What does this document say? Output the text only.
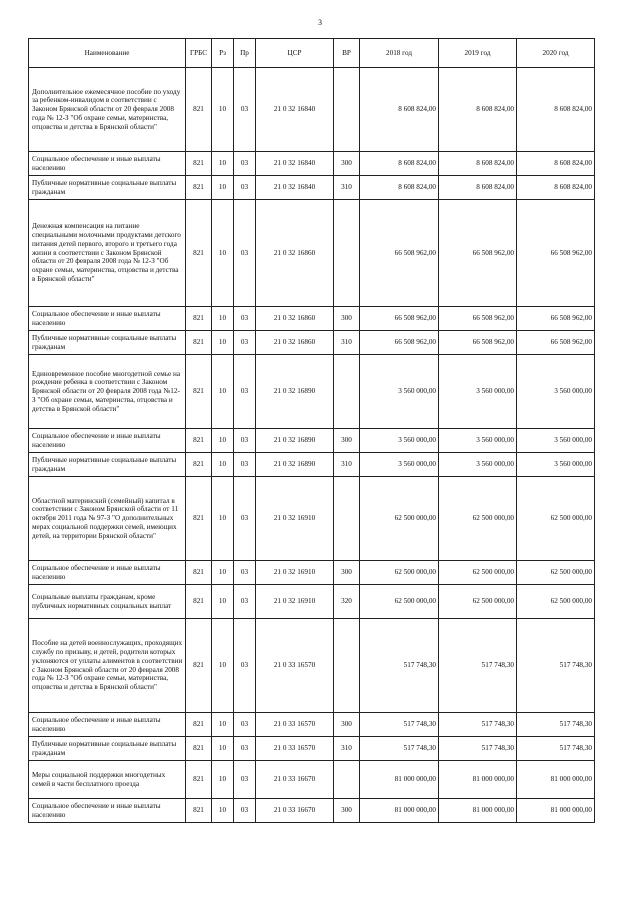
3
Наименование	ГРБС	Рз	Пр	ЦСР	ВР	2018 год	2019 год	2020 год
Дополнительное ежемесячное пособие по уходу за ребенком-инвалидом в соответствии с Законом Брянской области от 20 февраля 2008 года № 12-З "Об охране семьи, материнства, отцовства и детства в Брянской области"	821	10	03	21 0 32 16840		8 608 824,00	8 608 824,00	8 608 824,00
Социальное обеспечение и иные выплаты населению	821	10	03	21 0 32 16840	300	8 608 824,00	8 608 824,00	8 608 824,00
Публичные нормативные социальные выплаты гражданам	821	10	03	21 0 32 16840	310	8 608 824,00	8 608 824,00	8 608 824,00
Денежная компенсация на питание специальными молочными продуктами детского питания детей первого, второго и третьего года жизни в соответствии с Законом Брянской области от 20 февраля 2008 года № 12-З "Об охране семьи, материнства, отцовства и детства в Брянской области"	821	10	03	21 0 32 16860		66 508 962,00	66 508 962,00	66 508 962,00
Социальное обеспечение и иные выплаты населению	821	10	03	21 0 32 16860	300	66 508 962,00	66 508 962,00	66 508 962,00
Публичные нормативные социальные выплаты гражданам	821	10	03	21 0 32 16860	310	66 508 962,00	66 508 962,00	66 508 962,00
Единовременное пособие многодетной семье на рождение ребенка в соответствии с Законом Брянской области от 20 февраля 2008 года №12-З "Об охране семьи, материнства, отцовства и детства в Брянской области"	821	10	03	21 0 32 16890		3 560 000,00	3 560 000,00	3 560 000,00
Социальное обеспечение и иные выплаты населению	821	10	03	21 0 32 16890	300	3 560 000,00	3 560 000,00	3 560 000,00
Публичные нормативные социальные выплаты гражданам	821	10	03	21 0 32 16890	310	3 560 000,00	3 560 000,00	3 560 000,00
Областной материнский (семейный) капитал в соответствии с Законом Брянской области от 11 октября 2011 года № 97-З "О дополнительных мерах социальной поддержки семей, имеющих детей, на территории Брянской области"	821	10	03	21 0 32 16910		62 500 000,00	62 500 000,00	62 500 000,00
Социальное обеспечение и иные выплаты населению	821	10	03	21 0 32 16910	300	62 500 000,00	62 500 000,00	62 500 000,00
Социальные выплаты гражданам, кроме публичных нормативных социальных выплат	821	10	03	21 0 32 16910	320	62 500 000,00	62 500 000,00	62 500 000,00
Пособие на детей военнослужащих, проходящих службу по призыву, и детей, родители которых уклоняются от уплаты алиментов в соответствии с Законом Брянской области от 20 февраля 2008 года № 12-З "Об охране семьи, материнства, отцовства и детства в Брянской области"	821	10	03	21 0 33 16570		517 748,30	517 748,30	517 748,30
Социальное обеспечение и иные выплаты населению	821	10	03	21 0 33 16570	300	517 748,30	517 748,30	517 748,30
Публичные нормативные социальные выплаты гражданам	821	10	03	21 0 33 16570	310	517 748,30	517 748,30	517 748,30
Меры социальной поддержки многодетных семей в части бесплатного проезда	821	10	03	21 0 33 16670		81 000 000,00	81 000 000,00	81 000 000,00
Социальное обеспечение и иные выплаты населению	821	10	03	21 0 33 16670	300	81 000 000,00	81 000 000,00	81 000 000,00
